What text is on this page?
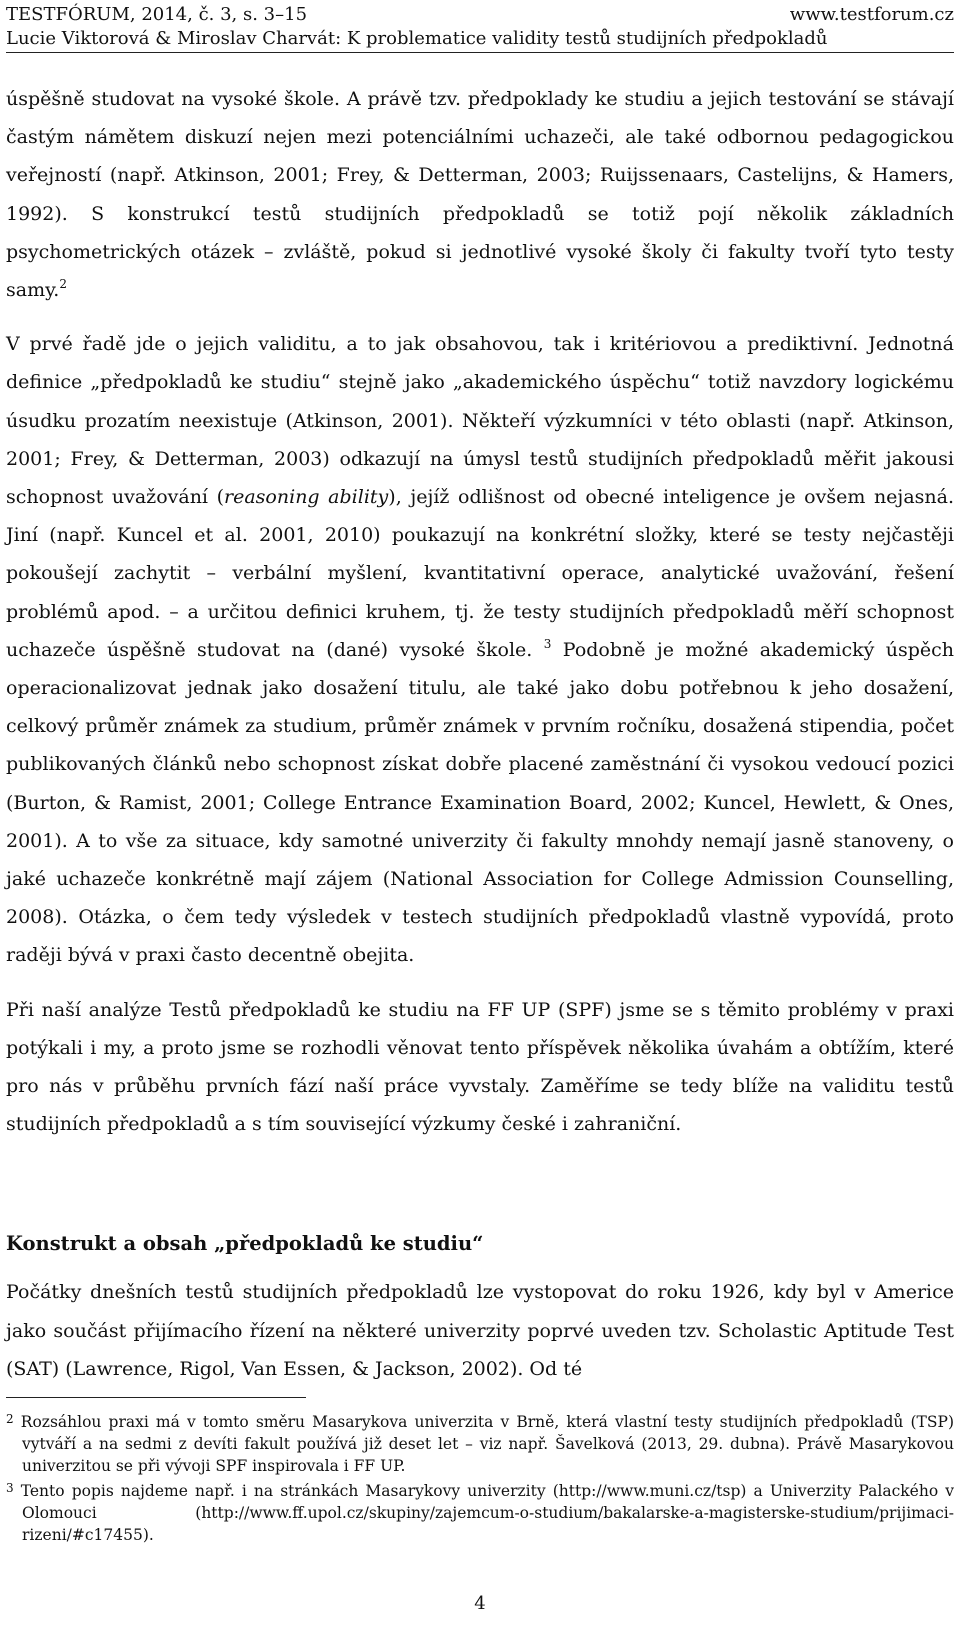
TESTFÓRUM, 2014, č. 3, s. 3–15	www.testforum.cz
Lucie Viktorová & Miroslav Charvát: K problematice validity testů studijních předpokladů

úspěšně studovat na vysoké škole. A právě tzv. předpoklady ke studiu a jejich testování se stávají častým námětem diskuzí nejen mezi potenciálními uchazeči, ale také odbornou pedagogickou veřejností (např. Atkinson, 2001; Frey, & Detterman, 2003; Ruijssenaars, Castelijns, & Hamers, 1992). S konstrukcí testů studijních předpokladů se totiž pojí několik základních psychometrických otázek – zvláště, pokud si jednotlivé vysoké školy či fakulty tvoří tyto testy samy.$^2$

V prvé řadě jde o jejich validitu, a to jak obsahovou, tak i kritériovou a prediktivní. Jednotná definice „předpokladů ke studiu“ stejně jako „akademického úspěchu“ totiž navzdory logickému úsudku prozatím neexistuje (Atkinson, 2001). Někteří výzkumníci v této oblasti (např. Atkinson, 2001; Frey, & Detterman, 2003) odkazují na úmysl testů studijních předpokladů měřit jakousi schopnost uvažování (reasoning ability), jejíž odlišnost od obecné inteligence je ovšem nejasná. Jiní (např. Kuncel et al. 2001, 2010) poukazují na konkrétní složky, které se testy nejčastěji pokoušejí zachytit – verbální myšlení, kvantitativní operace, analytické uvažování, řešení problémů apod. – a určitou definici kruhem, tj. že testy studijních předpokladů měří schopnost uchazeče úspěšně studovat na (dané) vysoké škole. $^3$ Podobně je možné akademický úspěch operacionalizovat jednak jako dosažení titulu, ale také jako dobu potřebnou k jeho dosažení, celkový průměr známek za studium, průměr známek v prvním ročníku, dosažená stipendia, počet publikovaných článků nebo schopnost získat dobře placené zaměstnání či vysokou vedoucí pozici (Burton, & Ramist, 2001; College Entrance Examination Board, 2002; Kuncel, Hewlett, & Ones, 2001). A to vše za situace, kdy samotné univerzity či fakulty mnohdy nemají jasně stanoveny, o jaké uchazeče konkrétně mají zájem (National Association for College Admission Counselling, 2008). Otázka, o čem tedy výsledek v testech studijních předpokladů vlastně vypovídá, proto raději bývá v praxi často decentně obejita.

Při naší analýze Testů předpokladů ke studiu na FF UP (SPF) jsme se s těmito problémy v praxi potýkali i my, a proto jsme se rozhodli věnovat tento příspěvek několika úvahám a obtížím, které pro nás v průběhu prvních fází naší práce vyvstaly. Zaměříme se tedy blíže na validitu testů studijních předpokladů a s tím související výzkumy české i zahraniční.

Konstrukt a obsah „předpokladů ke studiu“

Počátky dnešních testů studijních předpokladů lze vystopovat do roku 1926, kdy byl v Americe jako součást přijímacího řízení na některé univerzity poprvé uveden tzv. Scholastic Aptitude Test (SAT) (Lawrence, Rigol, Van Essen, & Jackson, 2002). Od té

$^2$ Rozsáhlou praxi má v tomto směru Masarykova univerzita v Brně, která vlastní testy studijních předpokladů (TSP) vytváří a na sedmi z devíti fakult používá již deset let – viz např. Šavelková (2013, 29. dubna). Právě Masarykovou univerzitou se při vývoji SPF inspirovala i FF UP.

$^3$ Tento popis najdeme např. i na stránkách Masarykovy univerzity (http://www.muni.cz/tsp) a Univerzity Palackého v Olomouci (http://www.ff.upol.cz/skupiny/zajemcum-o-studium/bakalarske-a-magisterske-studium/prijimaci-rizeni/#c17455).

4
